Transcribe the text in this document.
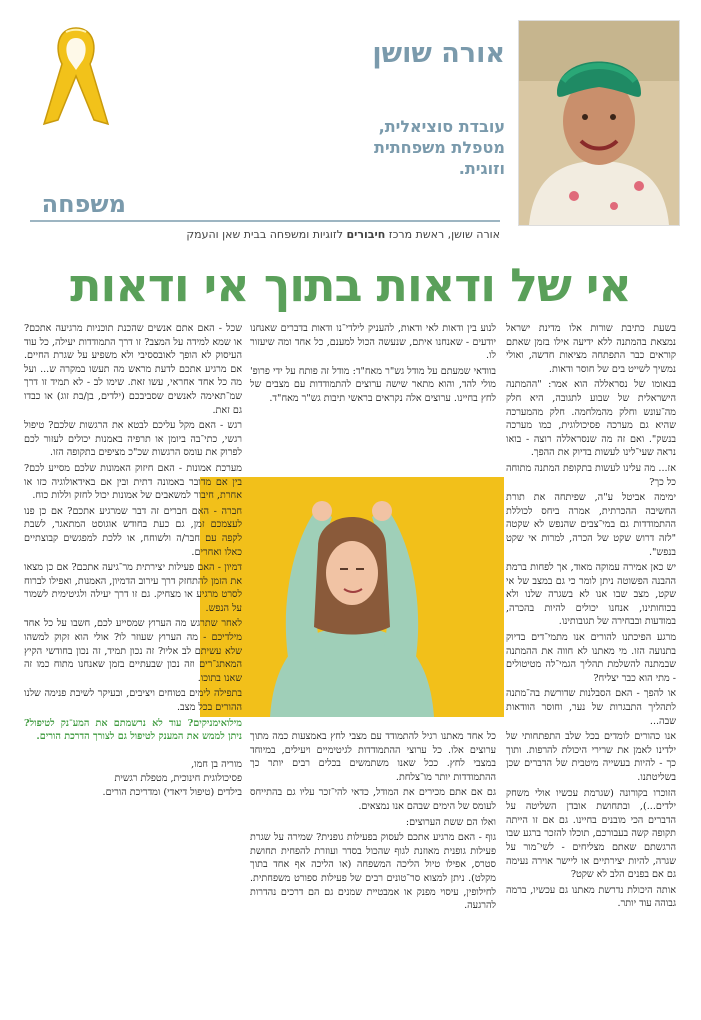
אורה שושן
עובדת סוציאלית,
מטפלת משפחתית
וזוגית.
משפחה
אורה שושן, ראשת מרכז חיבורים לזוגיות ומשפחה בבית שאן והעמק
אי של ודאות בתוך אי ודאות

בשעת כתיבת שורות אלו מדינת ישראל נמצאת בהמתנה ללא ידיעה אילו בזמן שאתם קוראים כבר התפתחה מציאות חדשה, ואולי נמשיך לשייט בים של חוסר ודאות.

בנאומו של נסראללה הוא אמר: "ההמתנה הישראלית של שבוע לתגובה, היא חלק מה־עונש וחלק מהמלחמה. חלק מהמערכה שהיא גם מערכה פסיכולוגית, כמו מערכה בנשק". ואם זה מה שנסראללה רוצה - בואו נראה שעי־לינו לעשות בדיוק את ההפך.

אז... מה עלינו לעשות בתקופת המתנה מתוחה כל כך?

ימימה אביטל ע"ה, שפיתחה את תורת החשיבה ההכרתית, אמרה ביחס לכוללת ההתמודדות גם במי־צבים שהנפש לא שקטה "לזה דרוש שקט של הכרה, למרות אי שקט בנפש".

יש כאן אמירה עמוקה מאוד, אך לפחות ברמת ההבנה הפשוטה ניתן לומר כי גם במצב של אי שקט, מצב שבו אנו לא בשגרה שלנו ולא בכוחותינו, אנחנו יכולים להיות בהכרה, במודעות ובבחירה של תגובותינו.

מרגע הפיכתנו להורים אנו מתמי־דים בדיוק בתנועה הזו. מי מאתנו לא חווה את ההמתנה שבמתנה להשלמת תהליך הגמי־לה מטיטולים - מתי הוא כבר יצליח?

או להפך - האם הסבלנות שדורשת בה־מתנה לתהליך התבגרות של נער, וחוסר הוודאות שבה...

אנו כהורים לומדים בכל שלב התפתחותי של ילדינו לאמן את שרירי היכולת להרפות. ותוך כך - להיות בעשייה מיטבית של הדברים שכן בשליטתנו.

הזוכרו בקורונה (שגרמת עכשיו אולי משחק ילדים...), ובתחושת אובדן השליטה על הדברים הכי מובנים בחיינו. גם אם זו הייתה תקופה קשה בעבורכם, תוכלו להזכר ברגע שבו הרגשתם שאתם מצליחים - לשי־מור על שגרה, להיות יצירתיים או ליישר אוירה נעימה גם אם בפנים הלב לא שקט?

אותה היכולת נדרשת מאתנו גם עכשיו, ברמה גבוהה עוד יותר.

לנוע בין ודאות לאי ודאות, להעניק לילדי־נו ודאות בדברים שאנחנו יודעים - שאנחנו איתם, שנעשה הכול למענם, כל אחד ומה שיעזור לו.

בוודאי שמעתם על מודל גש"ר מאח"ד: מודל זה פותח על ידי פרופ' מולי להד, והוא מתאר שישה ערוצים להתמודדות עם מצבים של לחץ בחיינו. ערוצים אלה נקראים בראשי תיבות גש"ר מאח"ד.

כל אחד מאתנו רגיל להתמודד עם מצבי לחץ באמצעות כמה מתוך ערוצים אלו. כל ערוצי ההתמודדות לגיטימיים ויעילים, במיוחד במצבי לחץ. ככל שאנו משתמשים בכלים רבים יותר כך ההתמודדות יותר מו־צלחת.

גם אם אתם מכירים את המודל, כדאי להי־זכר עליו גם בהתייחס לעומס של הימים שבהם אנו נמצאים.

ואלו הם ששת הערוצים:

גוף - האם מרגיע אתכם לעסוק בפעילות גופנית? שמירה על שגרת פעילות גופנית מאוזנת לגוף שהכול בסדר ועוזרת להפחית תחושת סטרס, אפילו טיול הליכה המשפחה (או הליכה אף אחד בתוך מקלט). ניתן למצוא סר־טונים רבים של פעילות ספורט משפחתית. לחילופין, עיסוי מפנק או אמבטיית שמנים גם הם דרכים נהדרות להרגעה.

שכל - האם אתם אנשים שהכנת תוכניות מרגיעה אתכם? או שמא למידה על המצב? זו דרך התמודדות יעילה, כל עוד העיסוק לא הופך לאובססיבי ולא משפיע על שגרת החיים. אם מרגיע אתכם לדעת מראש מה תעשו במקרה ש... ועל מה כל אחד אחראי, עשו זאת. שימו לב - לא תמיד זו דרך שמ־תאימה לאנשים שסביבכם (ילדים, בן/בת זוג) או כבדו גם זאת.

רגש - האם מקל עליכם לבטא את הרגשות שלכם? טיפול רגשי, כתי־בה ביומן או תרפיה באמנות יכולים לעזור לכם לפרוק את עומס הרגשות שכ"כ מציפים בתקופה הזו.

מערכת אמונות - האם חיזוק האמונות שלכם מסייע לכם? בין אם מדובר באמונה דתית ובין אם באידאולוגיה כזו או אחרת, חיבור למשאבים של אמונות יכול לחזק וללות כוח.

חברה - האם חברים זה דבר שמרגיע אתכם? אם כן פנו לעצמכם זמן, גם כעת בחודש אוגוסט המתאגר, לשבת לקפה עם חבר/ה ולשוחח, או ללכת למפגשים קבוצתיים כאלו ואחרים.

דמיון - האם פעילות יצירתית מר־גיעה אתכם? אם כן מצאו את הזמן להתחזק דרך עירוב הדמיון, האמנות, ואפילו לברוח לסרט מרגיע או מצחיק. גם זו דרך יעילה ולגיטימית לשמור על הנפש.

לאחר שתרגש מה הערוץ שמסייע לכם, חשבו על כל אחד מילדיכם - מה הערוץ שעוזר לו? אולי הוא זקוק למשהו שלא עשיתם לב אליו? זה נכון תמיד, זה נכון בחודשי הקיץ המאתג־רים וזה נכון שבעתיים בזמן שאנחנו מתוח כמו זה שאנו בתוכו.

בתפילה לימים בטוחים ויציבים, ובעיקר לשיבת פנימה שלנו ההורים בכל מצב.

מילואימניקים? עוד לא נרשמתם את המע־נק לטיפול? ניתן לממש את המענק לטיפול גם לצורך הדרכת הורים.

מוריה בן חמו,
פסיכולוגית חינוכית, מטפלת רגשית
בילדים (טיפול דיאדי) ומדריכת הורים.
